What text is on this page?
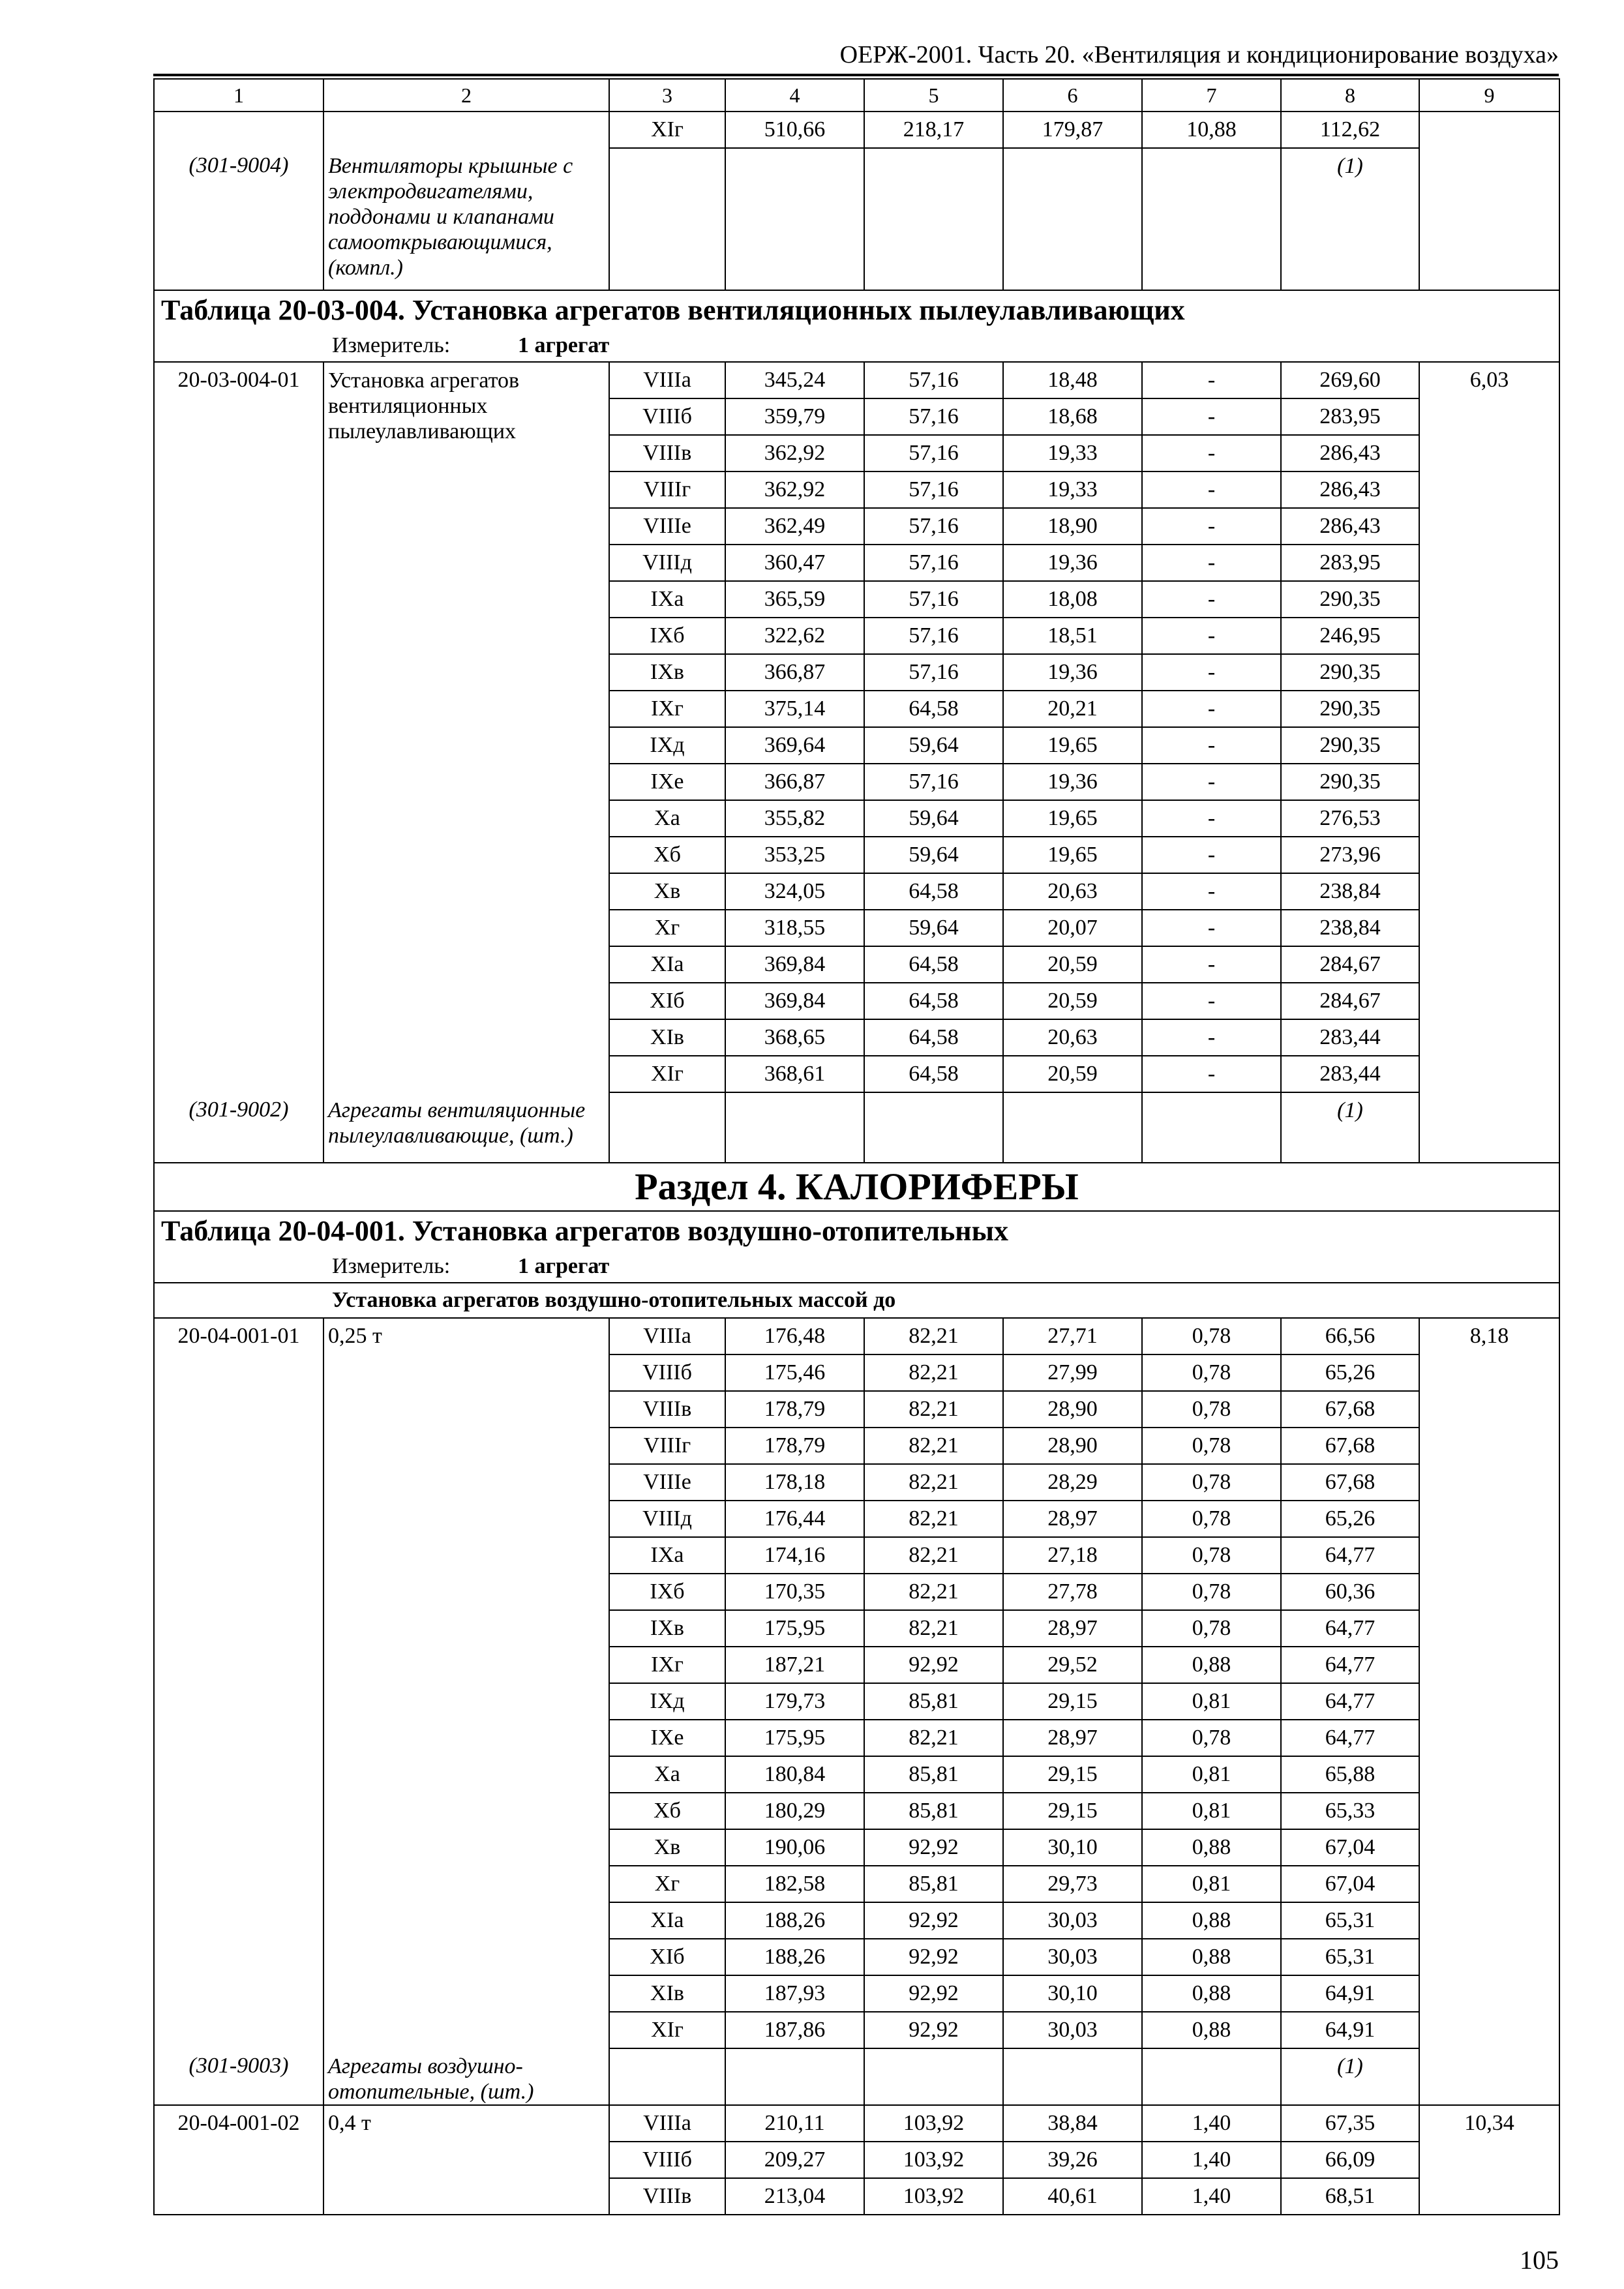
ОЕРЖ-2001. Часть 20. «Вентиляция и кондиционирование воздуха»
1	2	3	4	5	6	7	8	9
		XIг	510,66	218,17	179,87	10,88	112,62	
(301-9004)	Вентиляторы крышные с электродвигателями, поддонами и клапанами самооткрывающимися, (компл.)						(1)	
Таблица 20-03-004. Установка агрегатов вентиляционных пылеулавливающих								
Измеритель: 1 агрегат								
20-03-004-01	Установка агрегатов вентиляционных пылеулавливающих	VIIIа	345,24	57,16	18,48	-	269,60	6,03
		VIIIб	359,79	57,16	18,68	-	283,95	
		VIIIв	362,92	57,16	19,33	-	286,43	
		VIIIг	362,92	57,16	19,33	-	286,43	
		VIIIе	362,49	57,16	18,90	-	286,43	
		VIIIд	360,47	57,16	19,36	-	283,95	
		IXа	365,59	57,16	18,08	-	290,35	
		IXб	322,62	57,16	18,51	-	246,95	
		IXв	366,87	57,16	19,36	-	290,35	
		IXг	375,14	64,58	20,21	-	290,35	
		IXд	369,64	59,64	19,65	-	290,35	
		IXе	366,87	57,16	19,36	-	290,35	
		Xа	355,82	59,64	19,65	-	276,53	
		Xб	353,25	59,64	19,65	-	273,96	
		Xв	324,05	64,58	20,63	-	238,84	
		Xг	318,55	59,64	20,07	-	238,84	
		XIа	369,84	64,58	20,59	-	284,67	
		XIб	369,84	64,58	20,59	-	284,67	
		XIв	368,65	64,58	20,63	-	283,44	
		XIг	368,61	64,58	20,59	-	283,44	
(301-9002)	Агрегаты вентиляционные пылеулавливающие, (шт.)						(1)	
Раздел 4. КАЛОРИФЕРЫ								
Таблица 20-04-001. Установка агрегатов воздушно-отопительных								
Измеритель: 1 агрегат								
Установка агрегатов воздушно-отопительных массой до								
20-04-001-01	0,25 т	VIIIа	176,48	82,21	27,71	0,78	66,56	8,18
		VIIIб	175,46	82,21	27,99	0,78	65,26	
		VIIIв	178,79	82,21	28,90	0,78	67,68	
		VIIIг	178,79	82,21	28,90	0,78	67,68	
		VIIIе	178,18	82,21	28,29	0,78	67,68	
		VIIIд	176,44	82,21	28,97	0,78	65,26	
		IXа	174,16	82,21	27,18	0,78	64,77	
		IXб	170,35	82,21	27,78	0,78	60,36	
		IXв	175,95	82,21	28,97	0,78	64,77	
		IXг	187,21	92,92	29,52	0,88	64,77	
		IXд	179,73	85,81	29,15	0,81	64,77	
		IXе	175,95	82,21	28,97	0,78	64,77	
		Xа	180,84	85,81	29,15	0,81	65,88	
		Xб	180,29	85,81	29,15	0,81	65,33	
		Xв	190,06	92,92	30,10	0,88	67,04	
		Xг	182,58	85,81	29,73	0,81	67,04	
		XIа	188,26	92,92	30,03	0,88	65,31	
		XIб	188,26	92,92	30,03	0,88	65,31	
		XIв	187,93	92,92	30,10	0,88	64,91	
		XIг	187,86	92,92	30,03	0,88	64,91	
(301-9003)	Агрегаты воздушно-отопительные, (шт.)						(1)	
20-04-001-02	0,4 т	VIIIа	210,11	103,92	38,84	1,40	67,35	10,34
		VIIIб	209,27	103,92	39,26	1,40	66,09	
		VIIIв	213,04	103,92	40,61	1,40	68,51	
105
